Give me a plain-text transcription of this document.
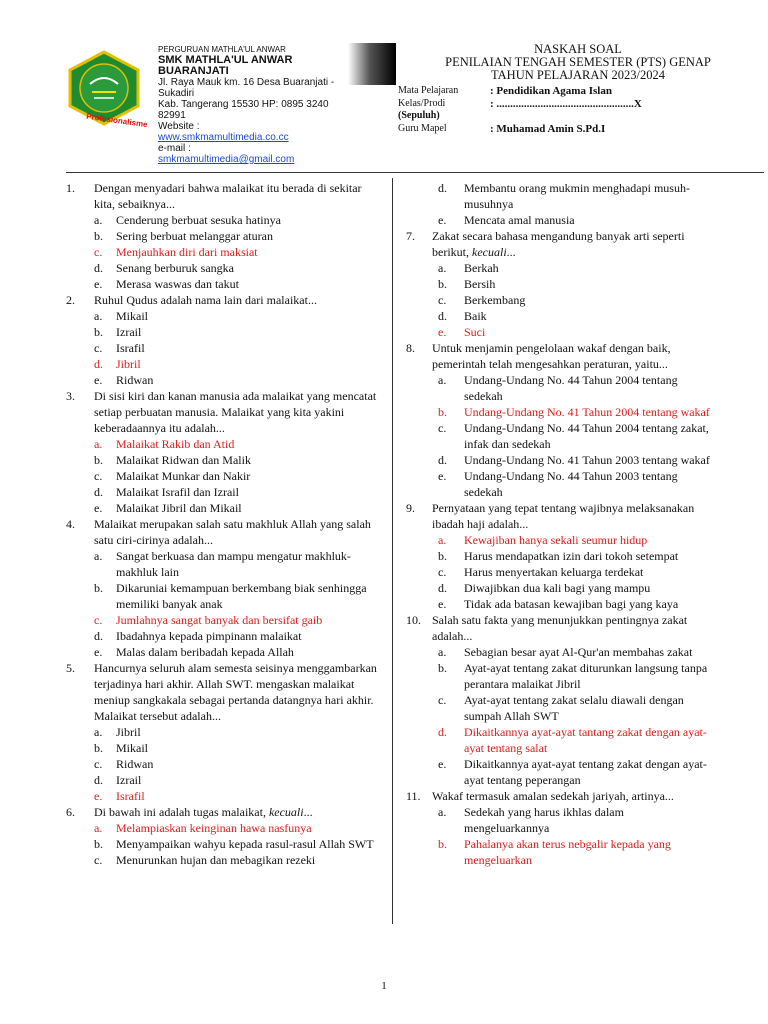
Profesionalisme
PERGURUAN MATHLA'UL ANWAR
SMK MATHLA'UL ANWAR BUARANJATI
Jl. Raya Mauk km. 16 Desa Buaranjati - Sukadiri
Kab. Tangerang 15530 HP: 0895 3240 82991
Website :
www.smkmamultimedia.co.cc
e-mail :
smkmamultimedia@gmail.com
NASKAH SOAL
PENILAIAN TENGAH SEMESTER (PTS) GENAP
TAHUN PELAJARAN 2023/2024
Mata Pelajaran	: Pendidikan Agama Islan
Kelas/Prodi	: ..................................................X
(Sepuluh)
Guru Mapel	: Muhamad Amin S.Pd.I
1.	Dengan menyadari bahwa malaikat itu berada di sekitar kita, sebaiknya...
a.	Cenderung berbuat sesuka hatinya
b.	Sering berbuat melanggar aturan
c.	Menjauhkan diri dari maksiat
d.	Senang berburuk sangka
e.	Merasa waswas dan takut
2.	Ruhul Qudus adalah nama lain dari malaikat...
a.	Mikail
b.	Izrail
c.	Israfil
d.	Jibril
e.	Ridwan
3.	Di sisi kiri dan kanan manusia ada malaikat yang mencatat setiap perbuatan manusia. Malaikat yang kita yakini keberadaannya itu adalah...
a.	Malaikat Rakib dan Atid
b.	Malaikat Ridwan dan Malik
c.	Malaikat Munkar dan Nakir
d.	Malaikat Israfil dan Izrail
e.	Malaikat Jibril dan Mikail
4.	Malaikat merupakan salah satu makhluk Allah yang salah satu ciri-cirinya adalah...
a.	Sangat berkuasa dan mampu mengatur makhluk-makhluk lain
b.	Dikaruniai kemampuan berkembang biak senhingga memiliki banyak anak
c.	Jumlahnya sangat banyak dan bersifat gaib
d.	Ibadahnya kepada pimpinann malaikat
e.	Malas dalam beribadah kepada Allah
5.	Hancurnya seluruh alam semesta seisinya menggambarkan terjadinya hari akhir. Allah SWT. mengaskan malaikat meniup sangkakala sebagai pertanda datangnya hari akhir. Malaikat tersebut adalah...
a.	Jibril
b.	Mikail
c.	Ridwan
d.	Izrail
e.	Israfil
6.	Di bawah ini adalah tugas malaikat, kecuali...
a.	Melampiaskan keinginan hawa nasfunya
b.	Menyampaikan wahyu kepada rasul-rasul Allah SWT
c.	Menurunkan hujan dan mebagikan rezeki
d.	Membantu orang mukmin menghadapi musuh-musuhnya
e.	Mencata amal manusia
7.	Zakat secara bahasa mengandung banyak arti seperti berikut, kecuali...
a.	Berkah
b.	Bersih
c.	Berkembang
d.	Baik
e.	Suci
8.	Untuk menjamin pengelolaan wakaf dengan baik, pemerintah telah mengesahkan peraturan, yaitu...
a.	Undang-Undang No. 44 Tahun 2004 tentang sedekah
b.	Undang-Undang No. 41 Tahun 2004 tentang wakaf
c.	Undang-Undang No. 44 Tahun 2004 tentang zakat, infak dan sedekah
d.	Undang-Undang No. 41 Tahun 2003 tentang wakaf
e.	Undang-Undang No. 44 Tahun 2003 tentang sedekah
9.	Pernyataan yang tepat tentang wajibnya melaksanakan ibadah haji adalah...
a.	Kewajiban hanya sekali seumur hidup
b.	Harus mendapatkan izin dari tokoh setempat
c.	Harus menyertakan keluarga terdekat
d.	Diwajibkan dua kali bagi yang mampu
e.	Tidak ada batasan kewajiban bagi yang kaya
10. Salah satu fakta yang menunjukkan pentingnya zakat adalah...
a.	Sebagian besar ayat Al-Qur'an membahas zakat
b.	Ayat-ayat tentang zakat diturunkan langsung tanpa perantara malaikat Jibril
c.	Ayat-ayat tentang zakat selalu diawali dengan sumpah Allah SWT
d.	Dikaitkannya ayat-ayat tantang zakat dengan ayat-ayat tentang salat
e.	Dikaitkannya ayat-ayat tentang zakat dengan ayat-ayat tentang peperangan
11. Wakaf termasuk amalan sedekah jariyah, artinya...
a.	Sedekah yang harus ikhlas dalam mengeluarkannya
b.	Pahalanya akan terus nebgalir kepada yang mengeluarkan
1
